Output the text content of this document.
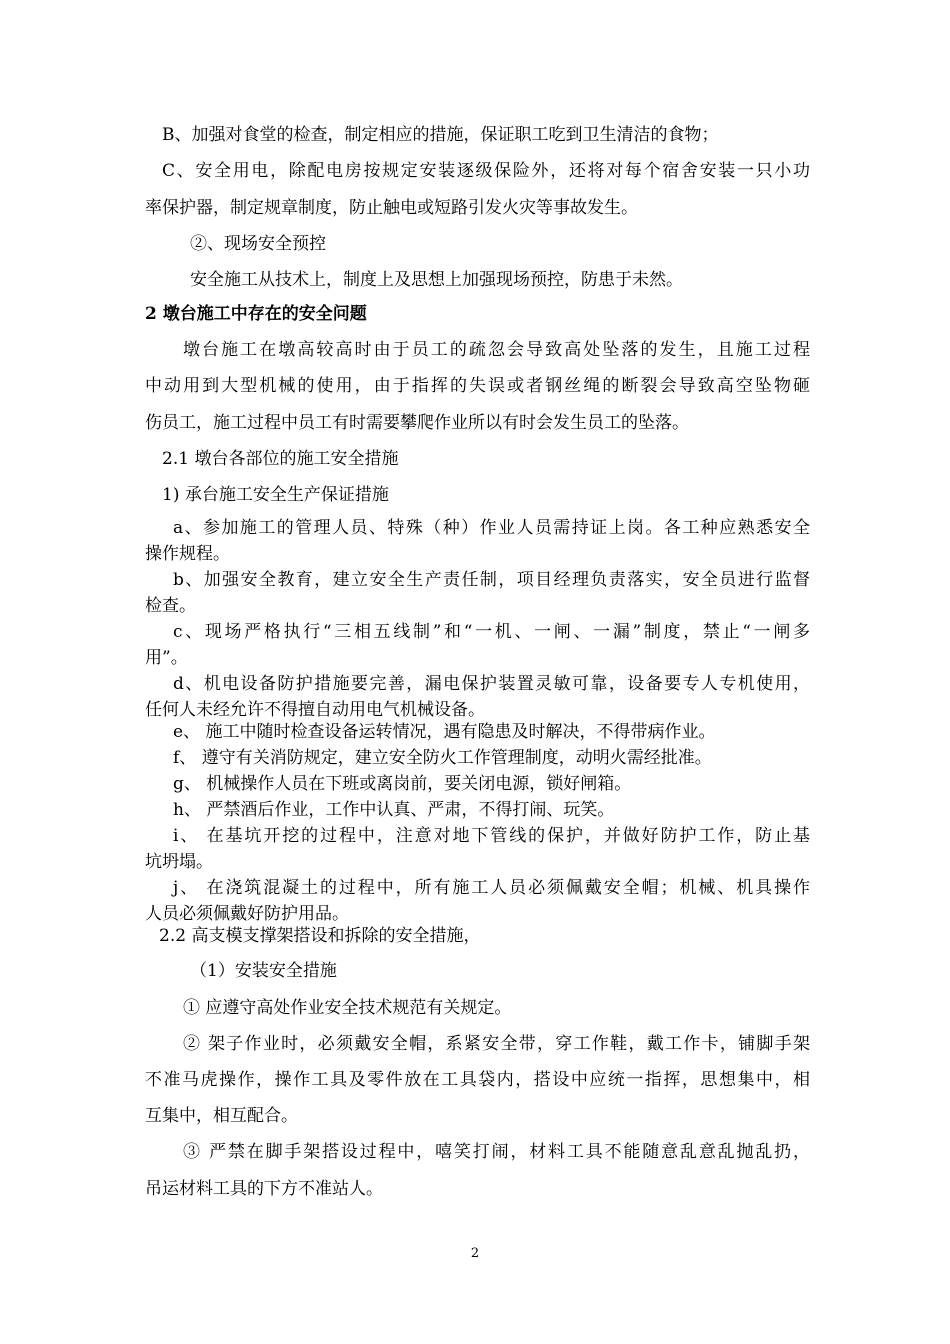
B、加强对食堂的检查，制定相应的措施，保证职工吃到卫生清洁的食物；

C、安全用电，除配电房按规定安装逐级保险外，还将对每个宿舍安装一只小功

率保护器，制定规章制度，防止触电或短路引发火灾等事故发生。

②、现场安全预控

安全施工从技术上，制度上及思想上加强现场预控，防患于未然。

2 墩台施工中存在的安全问题

墩台施工在墩高较高时由于员工的疏忽会导致高处坠落的发生，且施工过程

中动用到大型机械的使用，由于指挥的失误或者钢丝绳的断裂会导致高空坠物砸

伤员工，施工过程中员工有时需要攀爬作业所以有时会发生员工的坠落。

2.1 墩台各部位的施工安全措施

1) 承台施工安全生产保证措施

a、参加施工的管理人员、特殊（种）作业人员需持证上岗。各工种应熟悉安全

操作规程。

b、加强安全教育，建立安全生产责任制，项目经理负责落实，安全员进行监督

检查。

c、现场严格执行“三相五线制”和“一机、一闸、一漏”制度，禁止“一闸多

用”。

d、机电设备防护措施要完善，漏电保护装置灵敏可靠，设备要专人专机使用，

任何人未经允许不得擅自动用电气机械设备。

e、 施工中随时检查设备运转情况，遇有隐患及时解决，不得带病作业。

f、 遵守有关消防规定，建立安全防火工作管理制度，动明火需经批准。

g、 机械操作人员在下班或离岗前，要关闭电源，锁好闸箱。

h、 严禁酒后作业，工作中认真、严肃，不得打闹、玩笑。

i、 在基坑开挖的过程中，注意对地下管线的保护，并做好防护工作，防止基

坑坍塌。

j、 在浇筑混凝土的过程中，所有施工人员必须佩戴安全帽；机械、机具操作

人员必须佩戴好防护用品。

2.2 高支模支撑架搭设和拆除的安全措施，

（1）安装安全措施

① 应遵守高处作业安全技术规范有关规定。

② 架子作业时，必须戴安全帽，系紧安全带，穿工作鞋，戴工作卡，铺脚手架

不准马虎操作，操作工具及零件放在工具袋内，搭设中应统一指挥，思想集中，相

互集中，相互配合。

③ 严禁在脚手架搭设过程中，嘻笑打闹，材料工具不能随意乱意乱抛乱扔，

吊运材料工具的下方不准站人。

2
